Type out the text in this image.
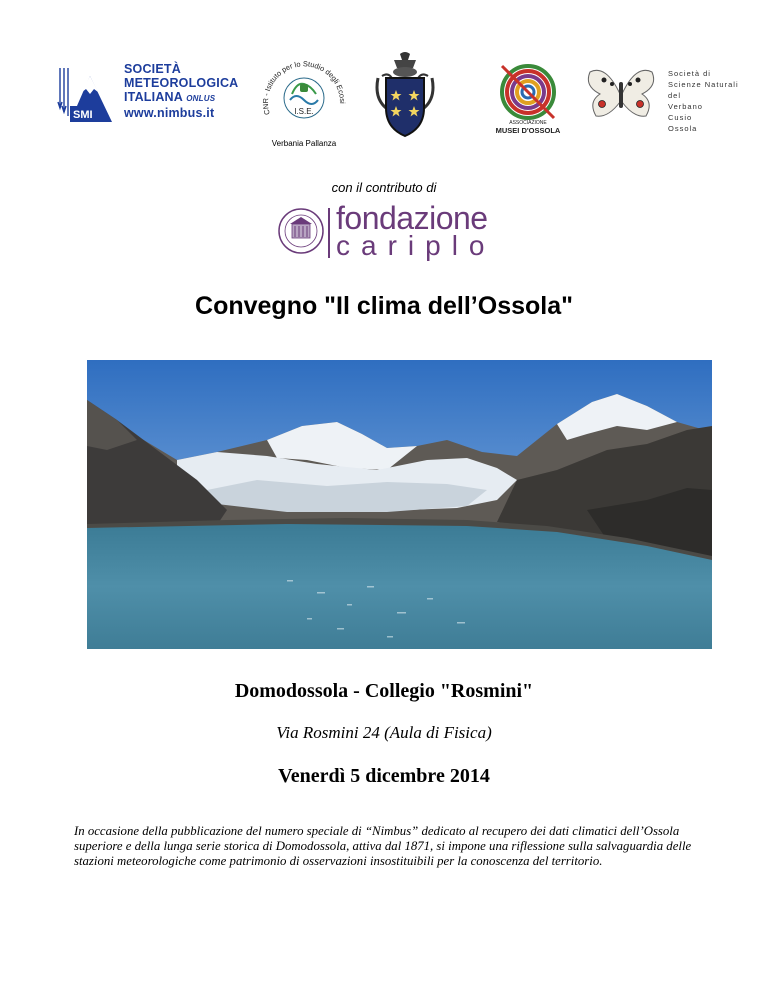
SMI
SOCIETÀ
METEOROLOGICA
ITALIANA ONLUS
www.nimbus.it	CNR - Istituto per lo Studio degli Ecosi
I.S.E.
Verbania Pallanza
ASSOCIAZIONE
MUSEI D'OSSOLA
Società di
Scienze Naturali
del
Verbano
Cusio
Ossola
con il contributo di
fondazione
cariplo
Convegno "Il clima dell’Ossola"
Domodossola - Collegio "Rosmini"
Via Rosmini 24 (Aula di Fisica)
Venerdì 5 dicembre 2014
In occasione della pubblicazione del numero speciale di “Nimbus” dedicato al recupero dei dati climatici dell’Ossola superiore e della lunga serie storica di Domodossola, attiva dal 1871, si impone una riflessione sulla salvaguardia delle stazioni meteorologiche come patrimonio di osservazioni insostituibili per la conoscenza del territorio.
